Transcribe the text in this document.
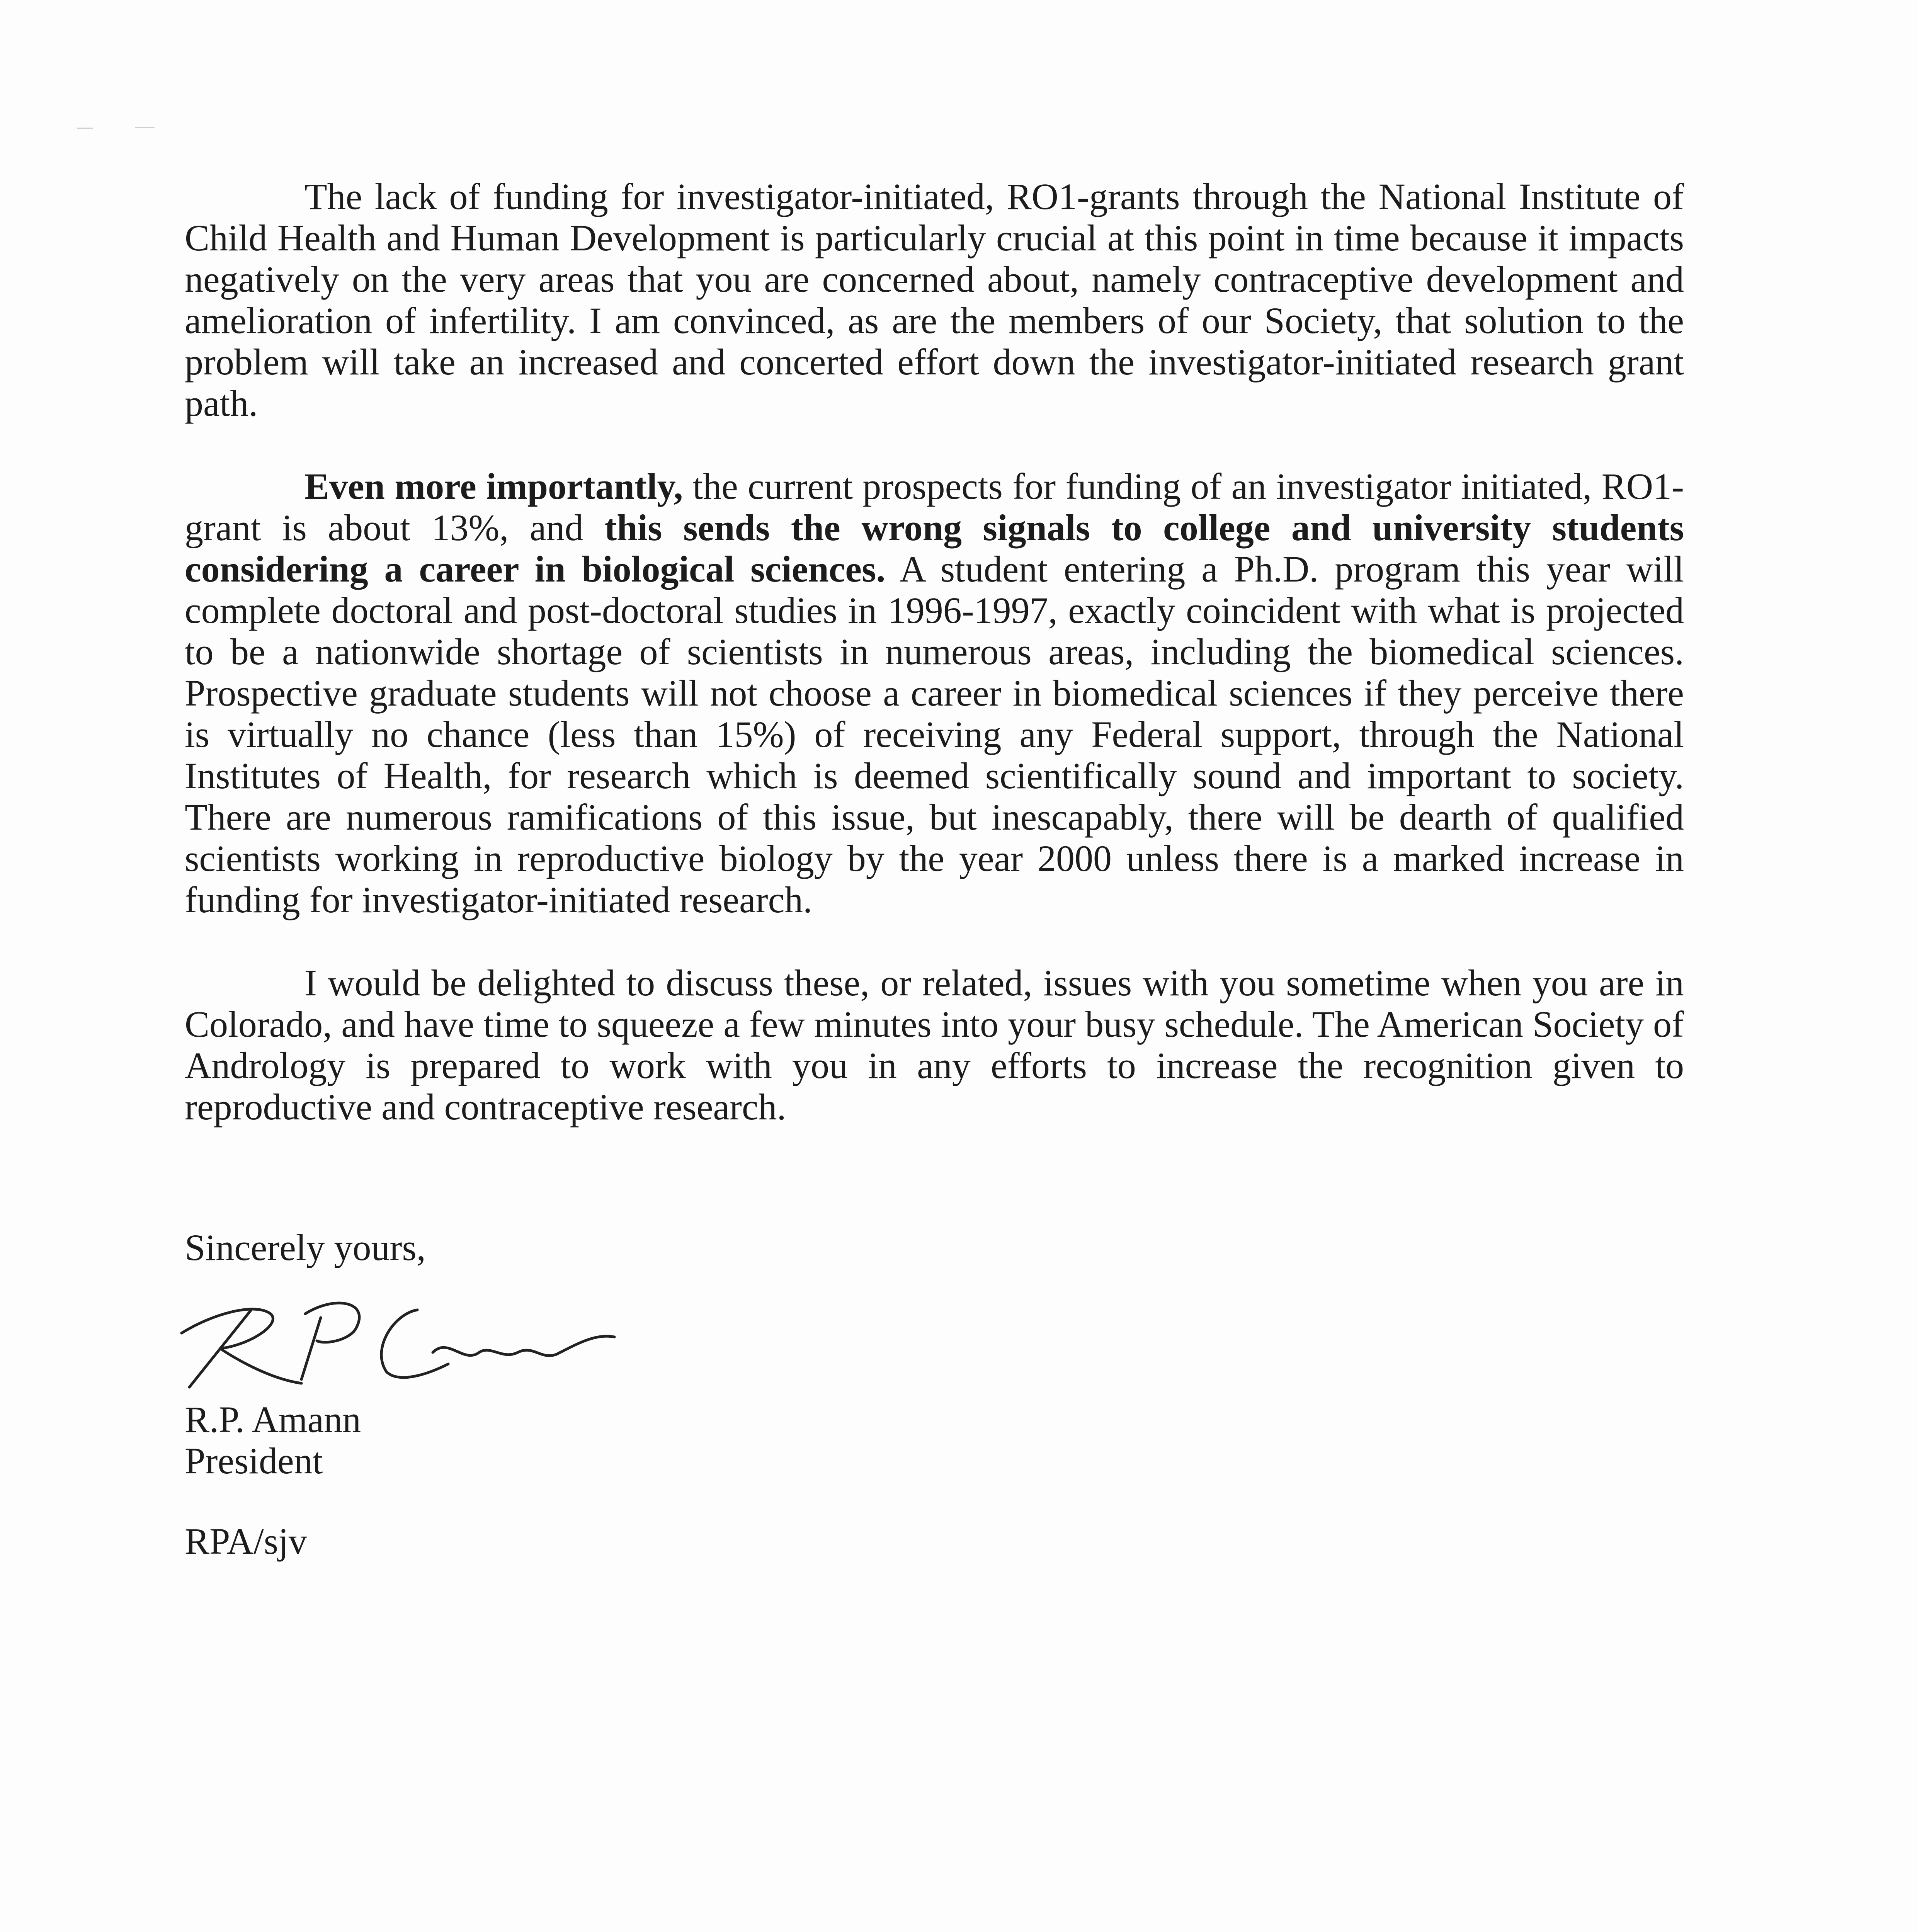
The lack of funding for investigator-initiated, RO1-grants through the National Institute of Child Health and Human Development is particularly crucial at this point in time because it impacts negatively on the very areas that you are concerned about, namely contraceptive development and amelioration of infertility. I am convinced, as are the members of our Society, that solution to the problem will take an increased and concerted effort down the investigator-initiated research grant path.

Even more importantly, the current prospects for funding of an investigator initiated, RO1-grant is about 13%, and this sends the wrong signals to college and university students considering a career in biological sciences. A student entering a Ph.D. program this year will complete doctoral and post-doctoral studies in 1996-1997, exactly coincident with what is projected to be a nationwide shortage of scientists in numerous areas, including the biomedical sciences. Prospective graduate students will not choose a career in biomedical sciences if they perceive there is virtually no chance (less than 15%) of receiving any Federal support, through the National Institutes of Health, for research which is deemed scientifically sound and important to society. There are numerous ramifications of this issue, but inescapably, there will be dearth of qualified scientists working in reproductive biology by the year 2000 unless there is a marked increase in funding for investigator-initiated research.

I would be delighted to discuss these, or related, issues with you sometime when you are in Colorado, and have time to squeeze a few minutes into your busy schedule. The American Society of Andrology is prepared to work with you in any efforts to increase the recognition given to reproductive and contraceptive research.

Sincerely yours,
R.P. Amann
President
RPA/sjv
